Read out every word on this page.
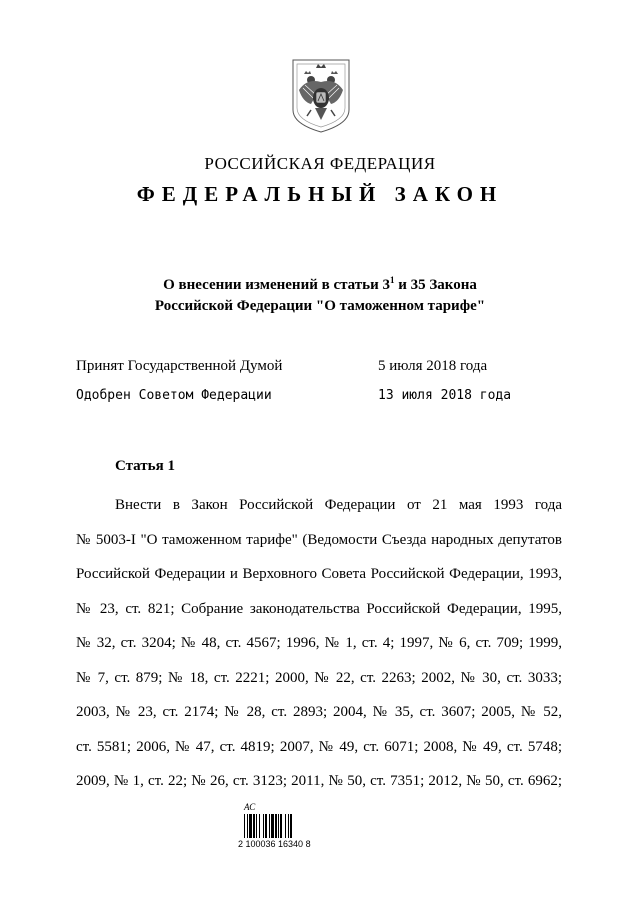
РОССИЙСКАЯ ФЕДЕРАЦИЯ
ФЕДЕРАЛЬНЫЙ ЗАКОН
О внесении изменений в статьи $3^1$ и 35 Закона
Российской Федерации "О таможенном тарифе"
Принят Государственной Думой	5 июля 2018 года
Одобрен Советом Федерации	13 июля 2018 года
Статья 1
Внести в Закон Российской Федерации от 21 мая 1993 года
№ 5003-I "О таможенном тарифе" (Ведомости Съезда народных депутатов
Российской Федерации и Верховного Совета Российской Федерации, 1993,
№ 23, ст. 821; Собрание законодательства Российской Федерации, 1995,
№ 32, ст. 3204; № 48, ст. 4567; 1996, № 1, ст. 4; 1997, № 6, ст. 709; 1999,
№ 7, ст. 879; № 18, ст. 2221; 2000, № 22, ст. 2263; 2002, № 30, ст. 3033;
2003, № 23, ст. 2174; № 28, ст. 2893; 2004, № 35, ст. 3607; 2005, № 52,
ст. 5581; 2006, № 47, ст. 4819; 2007, № 49, ст. 6071; 2008, № 49, ст. 5748;
2009, № 1, ст. 22; № 26, ст. 3123; 2011, № 50, ст. 7351; 2012, № 50, ст. 6962;
АС
2 100036 16340 8
